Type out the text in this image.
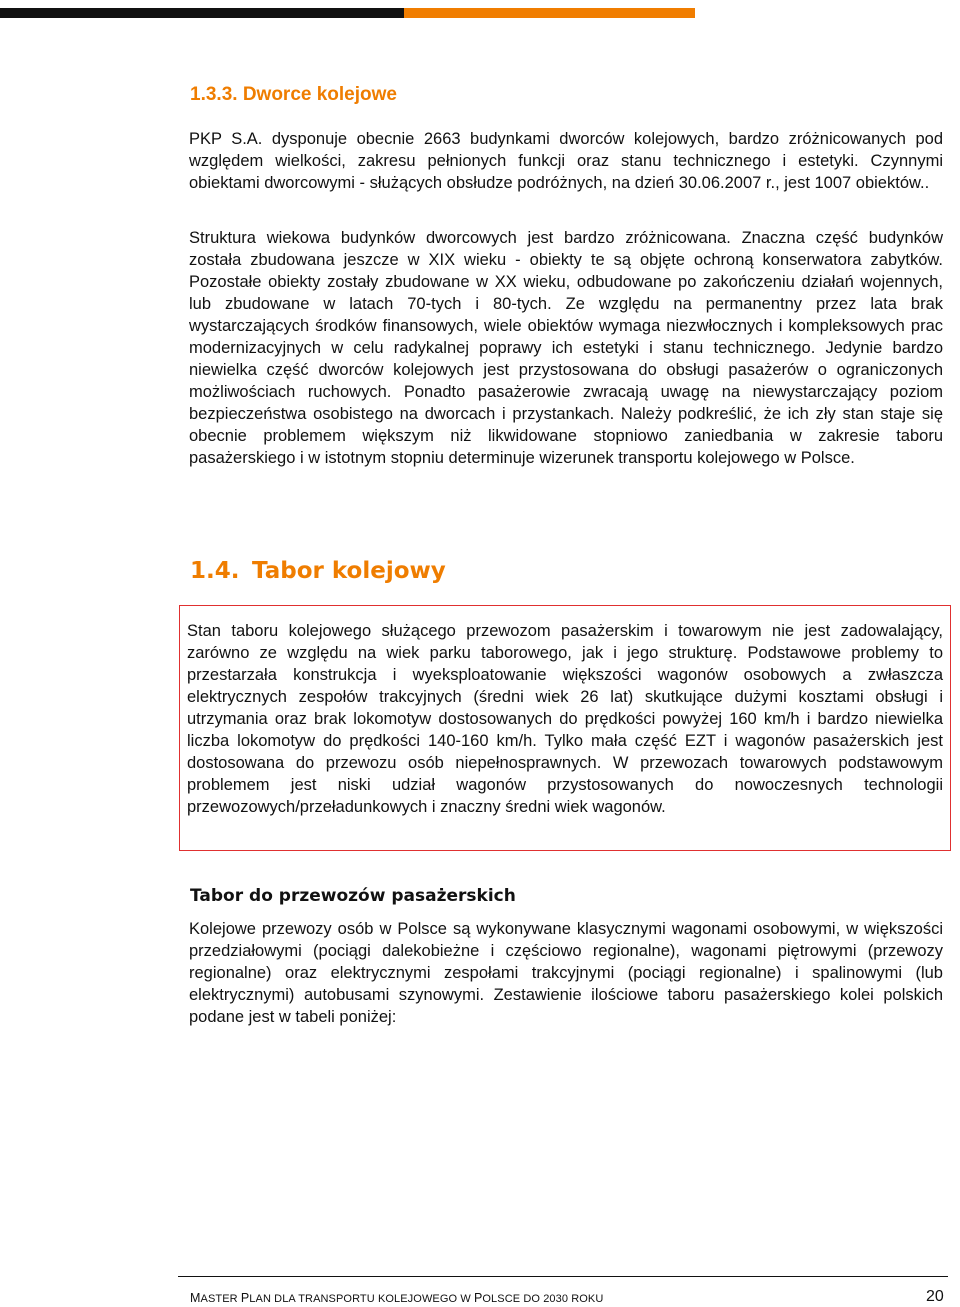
1.3.3. Dworce kolejowe

PKP S.A. dysponuje obecnie 2663 budynkami dworców kolejowych, bardzo zróżnicowanych pod względem wielkości, zakresu pełnionych funkcji oraz stanu technicznego i estetyki. Czynnymi obiektami dworcowymi - służących obsłudze podróżnych, na dzień 30.06.2007 r., jest 1007 obiektów..

Struktura wiekowa budynków dworcowych jest bardzo zróżnicowana. Znaczna część budynków została zbudowana jeszcze w XIX wieku - obiekty te są objęte ochroną konserwatora zabytków. Pozostałe obiekty zostały zbudowane w XX wieku, odbudowane po zakończeniu działań wojennych, lub zbudowane w latach 70-tych i 80-tych. Ze względu na permanentny przez lata brak wystarczających środków finansowych, wiele obiektów wymaga niezwłocznych i kompleksowych prac modernizacyjnych w celu radykalnej poprawy ich estetyki i stanu technicznego. Jedynie bardzo niewielka część dworców kolejowych jest przystosowana do obsługi pasażerów o ograniczonych możliwościach ruchowych. Ponadto pasażerowie zwracają uwagę na niewystarczający poziom bezpieczeństwa osobistego na dworcach i przystankach. Należy podkreślić, że ich zły stan staje się obecnie problemem większym niż likwidowane stopniowo zaniedbania w zakresie taboru pasażerskiego i w istotnym stopniu determinuje wizerunek transportu kolejowego w Polsce.

1.4. Tabor kolejowy

Stan taboru kolejowego służącego przewozom pasażerskim i towarowym nie jest zadowalający, zarówno ze względu na wiek parku taborowego, jak i jego strukturę. Podstawowe problemy to przestarzała konstrukcja i wyeksploatowanie większości wagonów osobowych a zwłaszcza elektrycznych zespołów trakcyjnych (średni wiek 26 lat) skutkujące dużymi kosztami obsługi i utrzymania oraz brak lokomotyw dostosowanych do prędkości powyżej 160 km/h i bardzo niewielka liczba lokomotyw do prędkości 140-160 km/h. Tylko mała część EZT i wagonów pasażerskich jest dostosowana do przewozu osób niepełnosprawnych. W przewozach towarowych podstawowym problemem jest niski udział wagonów przystosowanych do nowoczesnych technologii przewozowych/przeładunkowych i znaczny średni wiek wagonów.

Tabor do przewozów pasażerskich

Kolejowe przewozy osób w Polsce są wykonywane klasycznymi wagonami osobowymi, w większości przedziałowymi (pociągi dalekobieżne i częściowo regionalne), wagonami piętrowymi (przewozy regionalne) oraz elektrycznymi zespołami trakcyjnymi (pociągi regionalne) i spalinowymi (lub elektrycznymi) autobusami szynowymi. Zestawienie ilościowe taboru pasażerskiego kolei polskich podane jest w tabeli poniżej:

MASTER PLAN DLA TRANSPORTU KOLEJOWEGO W POLSCE DO 2030 ROKU	20
